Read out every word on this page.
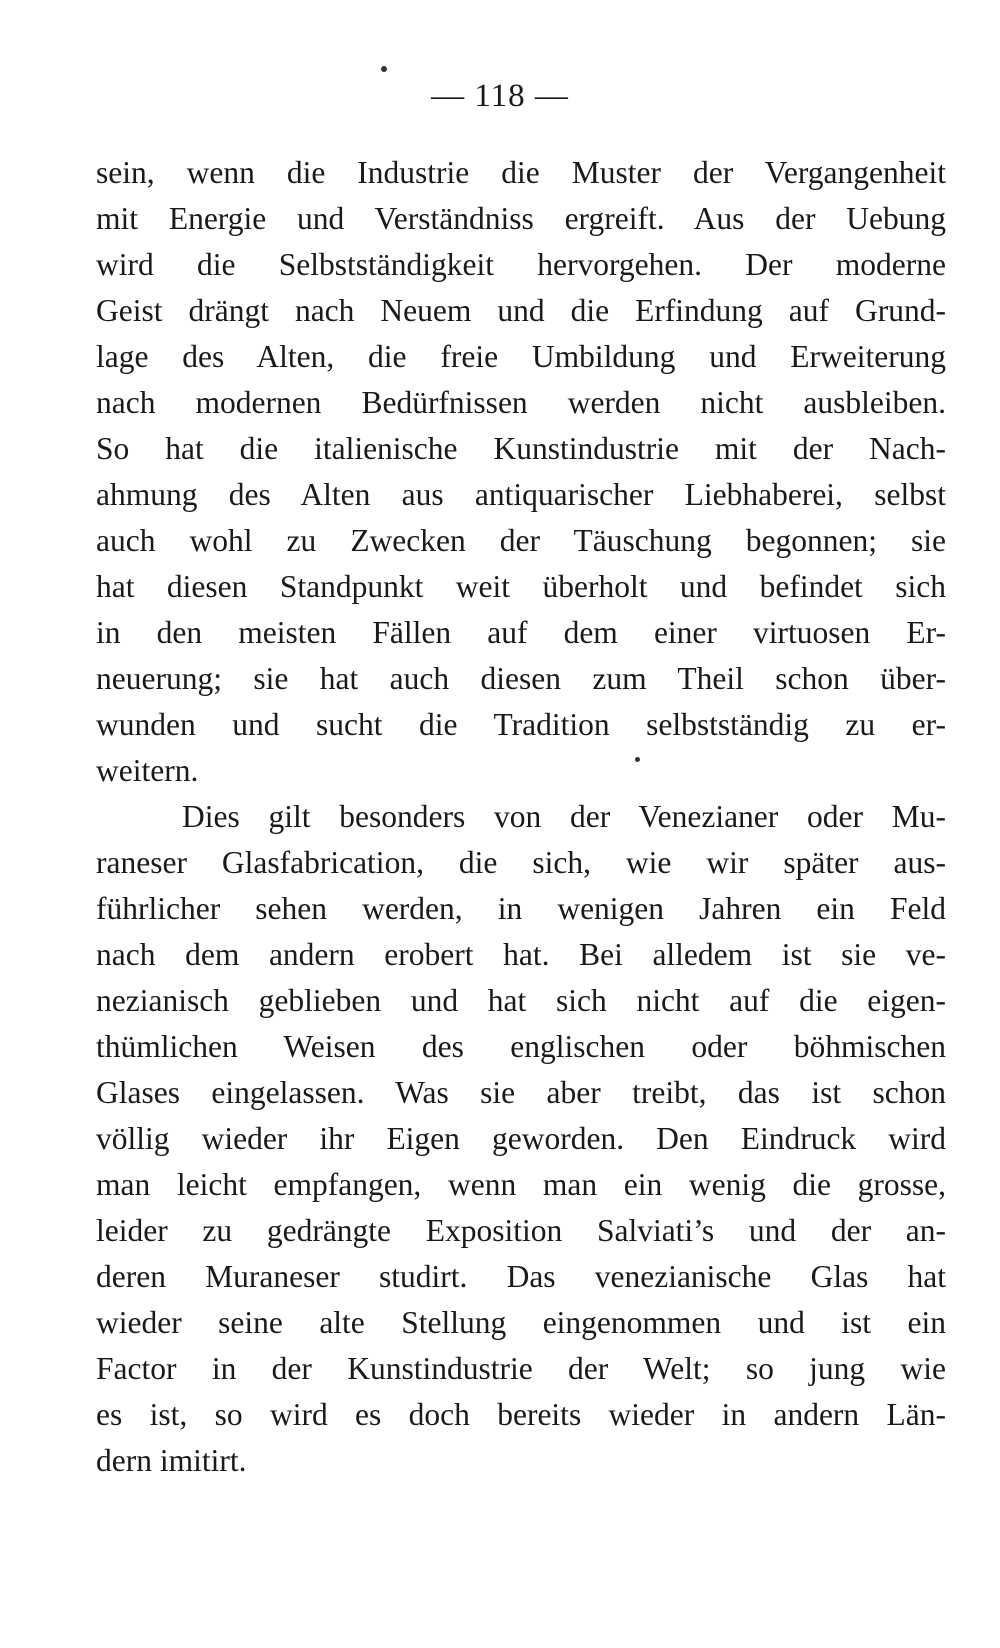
— 118 —

sein, wenn die Industrie die Muster der Vergangenheit
mit Energie und Verständniss ergreift. Aus der Uebung
wird die Selbstständigkeit hervorgehen. Der moderne
Geist drängt nach Neuem und die Erfindung auf Grund-
lage des Alten, die freie Umbildung und Erweiterung
nach modernen Bedürfnissen werden nicht ausbleiben.
So hat die italienische Kunstindustrie mit der Nach-
ahmung des Alten aus antiquarischer Liebhaberei, selbst
auch wohl zu Zwecken der Täuschung begonnen; sie
hat diesen Standpunkt weit überholt und befindet sich
in den meisten Fällen auf dem einer virtuosen Er-
neuerung; sie hat auch diesen zum Theil schon über-
wunden und sucht die Tradition selbstständig zu er-
weitern.

Dies gilt besonders von der Venezianer oder Mu-
raneser Glasfabrication, die sich, wie wir später aus-
führlicher sehen werden, in wenigen Jahren ein Feld
nach dem andern erobert hat. Bei alledem ist sie ve-
nezianisch geblieben und hat sich nicht auf die eigen-
thümlichen Weisen des englischen oder böhmischen
Glases eingelassen. Was sie aber treibt, das ist schon
völlig wieder ihr Eigen geworden. Den Eindruck wird
man leicht empfangen, wenn man ein wenig die grosse,
leider zu gedrängte Exposition Salviati’s und der an-
deren Muraneser studirt. Das venezianische Glas hat
wieder seine alte Stellung eingenommen und ist ein
Factor in der Kunstindustrie der Welt; so jung wie
es ist, so wird es doch bereits wieder in andern Län-
dern imitirt.
